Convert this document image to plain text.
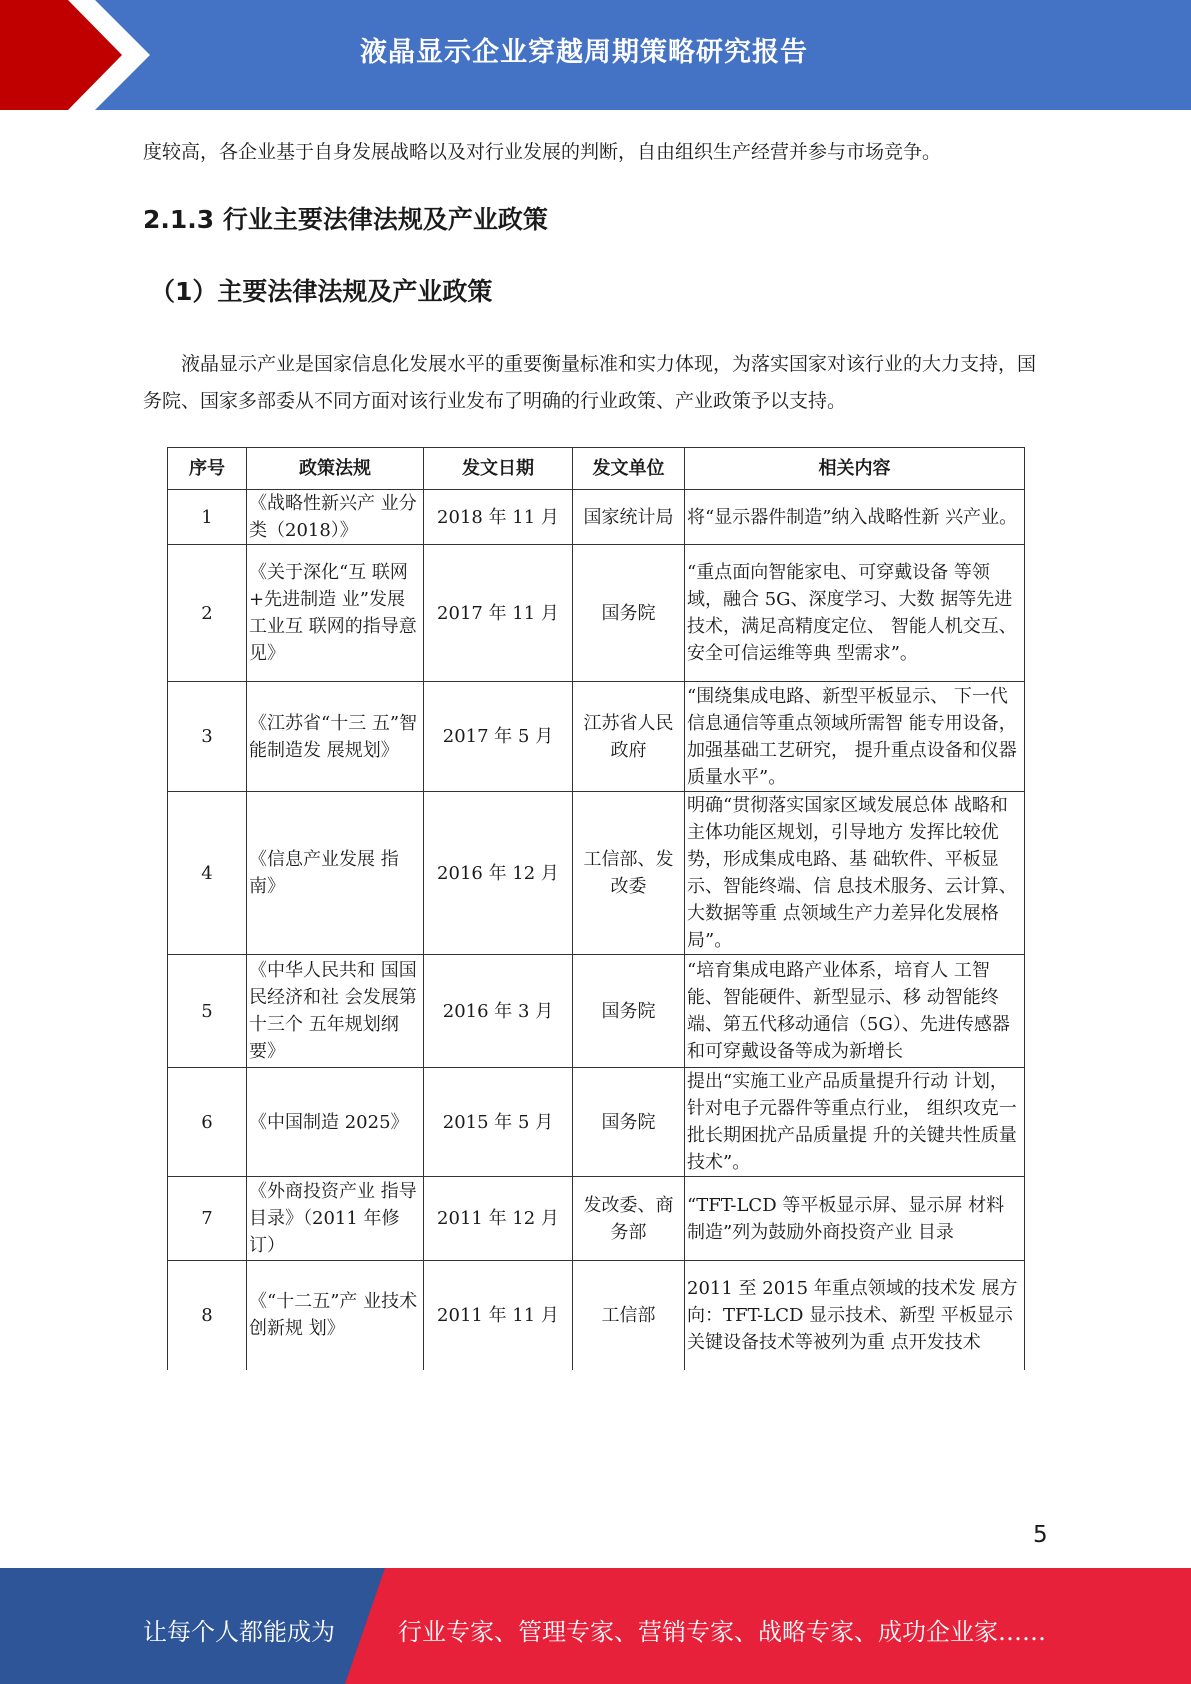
液晶显示企业穿越周期策略研究报告
度较高，各企业基于自身发展战略以及对行业发展的判断，自由组织生产经营并参与市场竞争。
2.1.3 行业主要法律法规及产业政策
（1）主要法律法规及产业政策
液晶显示产业是国家信息化发展水平的重要衡量标准和实力体现，为落实国家对该行业的大力支持，国务院、国家多部委从不同方面对该行业发布了明确的行业政策、产业政策予以支持。
序号	政策法规	发文日期	发文单位	相关内容
1	《战略性新兴产 业分类（2018）》	2018 年 11 月	国家统计局	将“显示器件制造”纳入战略性新 兴产业。
2	《关于深化“互 联网+先进制造 业”发展工业互 联网的指导意 见》	2017 年 11 月	国务院	“重点面向智能家电、可穿戴设备 等领域，融合 5G、深度学习、大数 据等先进技术，满足高精度定位、 智能人机交互、安全可信运维等典 型需求”。
3	《江苏省“十三 五”智能制造发 展规划》	2017 年 5 月	江苏省人民政府	“围绕集成电路、新型平板显示、 下一代信息通信等重点领域所需智 能专用设备，加强基础工艺研究， 提升重点设备和仪器质量水平”。
4	《信息产业发展 指南》	2016 年 12 月	工信部、发改委	明确“贯彻落实国家区域发展总体 战略和主体功能区规划，引导地方 发挥比较优势，形成集成电路、基 础软件、平板显示、智能终端、信 息技术服务、云计算、大数据等重 点领域生产力差异化发展格局”。
5	《中华人民共和 国国民经济和社 会发展第十三个 五年规划纲要》	2016 年 3 月	国务院	“培育集成电路产业体系，培育人 工智能、智能硬件、新型显示、移 动智能终端、第五代移动通信（5G）、先进传感器和可穿戴设备等成为新增长
6	《中国制造 2025》	2015 年 5 月	国务院	提出“实施工业产品质量提升行动 计划，针对电子元器件等重点行业， 组织攻克一批长期困扰产品质量提 升的关键共性质量技术”。
7	《外商投资产业 指导目录》（2011 年修订）	2011 年 12 月	发改委、商务部	“TFT-LCD 等平板显示屏、显示屏 材料制造”列为鼓励外商投资产业 目录
8	《“十二五”产 业技术创新规 划》	2011 年 11 月	工信部	2011 至 2015 年重点领域的技术发 展方向：TFT-LCD 显示技术、新型 平板显示关键设备技术等被列为重 点开发技术
5
让每个人都能成为	行业专家、管理专家、营销专家、战略专家、成功企业家……
